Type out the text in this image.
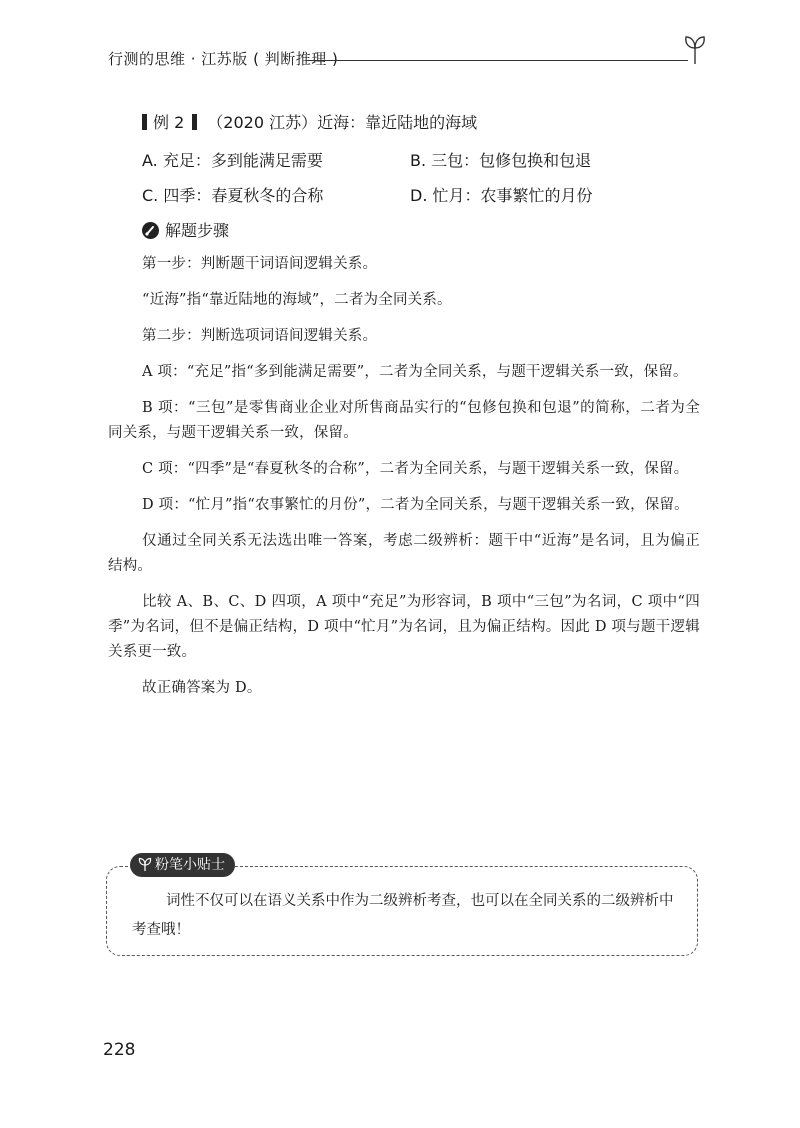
行测的思维 · 江苏版 ( 判断推理 )
例 2 （2020 江苏）近海：靠近陆地的海域
A. 充足：多到能满足需要	B. 三包：包修包换和包退
C. 四季：春夏秋冬的合称	D. 忙月：农事繁忙的月份
解题步骤

第一步：判断题干词语间逻辑关系。

“近海”指“靠近陆地的海域”，二者为全同关系。

第二步：判断选项词语间逻辑关系。

A 项：“充足”指“多到能满足需要”，二者为全同关系，与题干逻辑关系一致，保留。

B 项：“三包”是零售商业企业对所售商品实行的“包修包换和包退”的简称，二者为全同关系，与题干逻辑关系一致，保留。

C 项：“四季”是“春夏秋冬的合称”，二者为全同关系，与题干逻辑关系一致，保留。

D 项：“忙月”指“农事繁忙的月份”，二者为全同关系，与题干逻辑关系一致，保留。

仅通过全同关系无法选出唯一答案，考虑二级辨析：题干中“近海”是名词，且为偏正结构。

比较 A、B、C、D 四项，A 项中“充足”为形容词，B 项中“三包”为名词，C 项中“四季”为名词，但不是偏正结构，D 项中“忙月”为名词，且为偏正结构。因此 D 项与题干逻辑关系更一致。

故正确答案为 D。

粉笔小贴士
词性不仅可以在语义关系中作为二级辨析考查，也可以在全同关系的二级辨析中考查哦！
228
